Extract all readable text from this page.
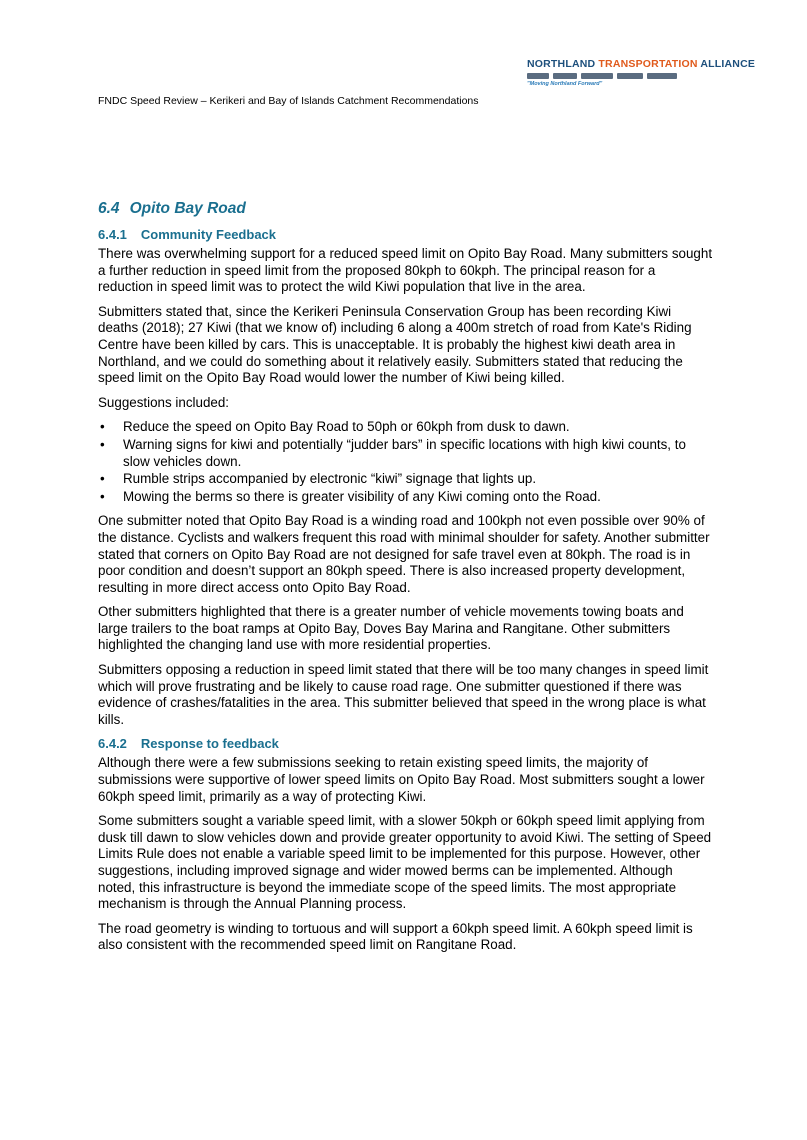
NORTHLAND TRANSPORTATION ALLIANCE
"Moving Northland Forward"
FNDC Speed Review – Kerikeri and Bay of Islands Catchment Recommendations
6.4 Opito Bay Road
6.4.1 Community Feedback

There was overwhelming support for a reduced speed limit on Opito Bay Road. Many submitters sought a further reduction in speed limit from the proposed 80kph to 60kph. The principal reason for a reduction in speed limit was to protect the wild Kiwi population that live in the area.

Submitters stated that, since the Kerikeri Peninsula Conservation Group has been recording Kiwi deaths (2018); 27 Kiwi (that we know of) including 6 along a 400m stretch of road from Kate's Riding Centre have been killed by cars. This is unacceptable. It is probably the highest kiwi death area in Northland, and we could do something about it relatively easily. Submitters stated that reducing the speed limit on the Opito Bay Road would lower the number of Kiwi being killed.

Suggestions included:

• Reduce the speed on Opito Bay Road to 50ph or 60kph from dusk to dawn.
• Warning signs for kiwi and potentially “judder bars” in specific locations with high kiwi counts, to slow vehicles down.
• Rumble strips accompanied by electronic “kiwi” signage that lights up.
• Mowing the berms so there is greater visibility of any Kiwi coming onto the Road.

One submitter noted that Opito Bay Road is a winding road and 100kph not even possible over 90% of the distance. Cyclists and walkers frequent this road with minimal shoulder for safety. Another submitter stated that corners on Opito Bay Road are not designed for safe travel even at 80kph. The road is in poor condition and doesn’t support an 80kph speed. There is also increased property development, resulting in more direct access onto Opito Bay Road.

Other submitters highlighted that there is a greater number of vehicle movements towing boats and large trailers to the boat ramps at Opito Bay, Doves Bay Marina and Rangitane. Other submitters highlighted the changing land use with more residential properties.

Submitters opposing a reduction in speed limit stated that there will be too many changes in speed limit which will prove frustrating and be likely to cause road rage. One submitter questioned if there was evidence of crashes/fatalities in the area. This submitter believed that speed in the wrong place is what kills.

6.4.2 Response to feedback

Although there were a few submissions seeking to retain existing speed limits, the majority of submissions were supportive of lower speed limits on Opito Bay Road. Most submitters sought a lower 60kph speed limit, primarily as a way of protecting Kiwi.

Some submitters sought a variable speed limit, with a slower 50kph or 60kph speed limit applying from dusk till dawn to slow vehicles down and provide greater opportunity to avoid Kiwi. The setting of Speed Limits Rule does not enable a variable speed limit to be implemented for this purpose. However, other suggestions, including improved signage and wider mowed berms can be implemented. Although noted, this infrastructure is beyond the immediate scope of the speed limits. The most appropriate mechanism is through the Annual Planning process.

The road geometry is winding to tortuous and will support a 60kph speed limit. A 60kph speed limit is also consistent with the recommended speed limit on Rangitane Road.
